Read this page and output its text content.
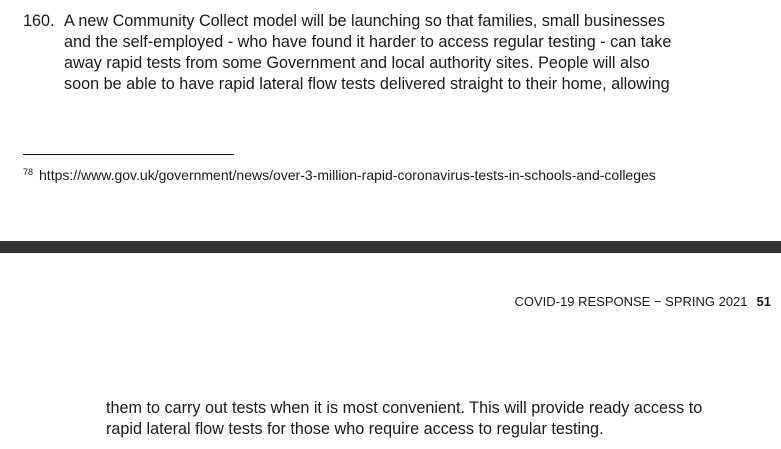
160. A new Community Collect model will be launching so that families, small businesses
and the self-employed - who have found it harder to access regular testing - can take
away rapid tests from some Government and local authority sites. People will also
soon be able to have rapid lateral flow tests delivered straight to their home, allowing
$^{78}$ https://www.gov.uk/government/news/over-3-million-rapid-coronavirus-tests-in-schools-and-colleges
COVID-19 RESPONSE − SPRING 2021 51
them to carry out tests when it is most convenient. This will provide ready access to
rapid lateral flow tests for those who require access to regular testing.
